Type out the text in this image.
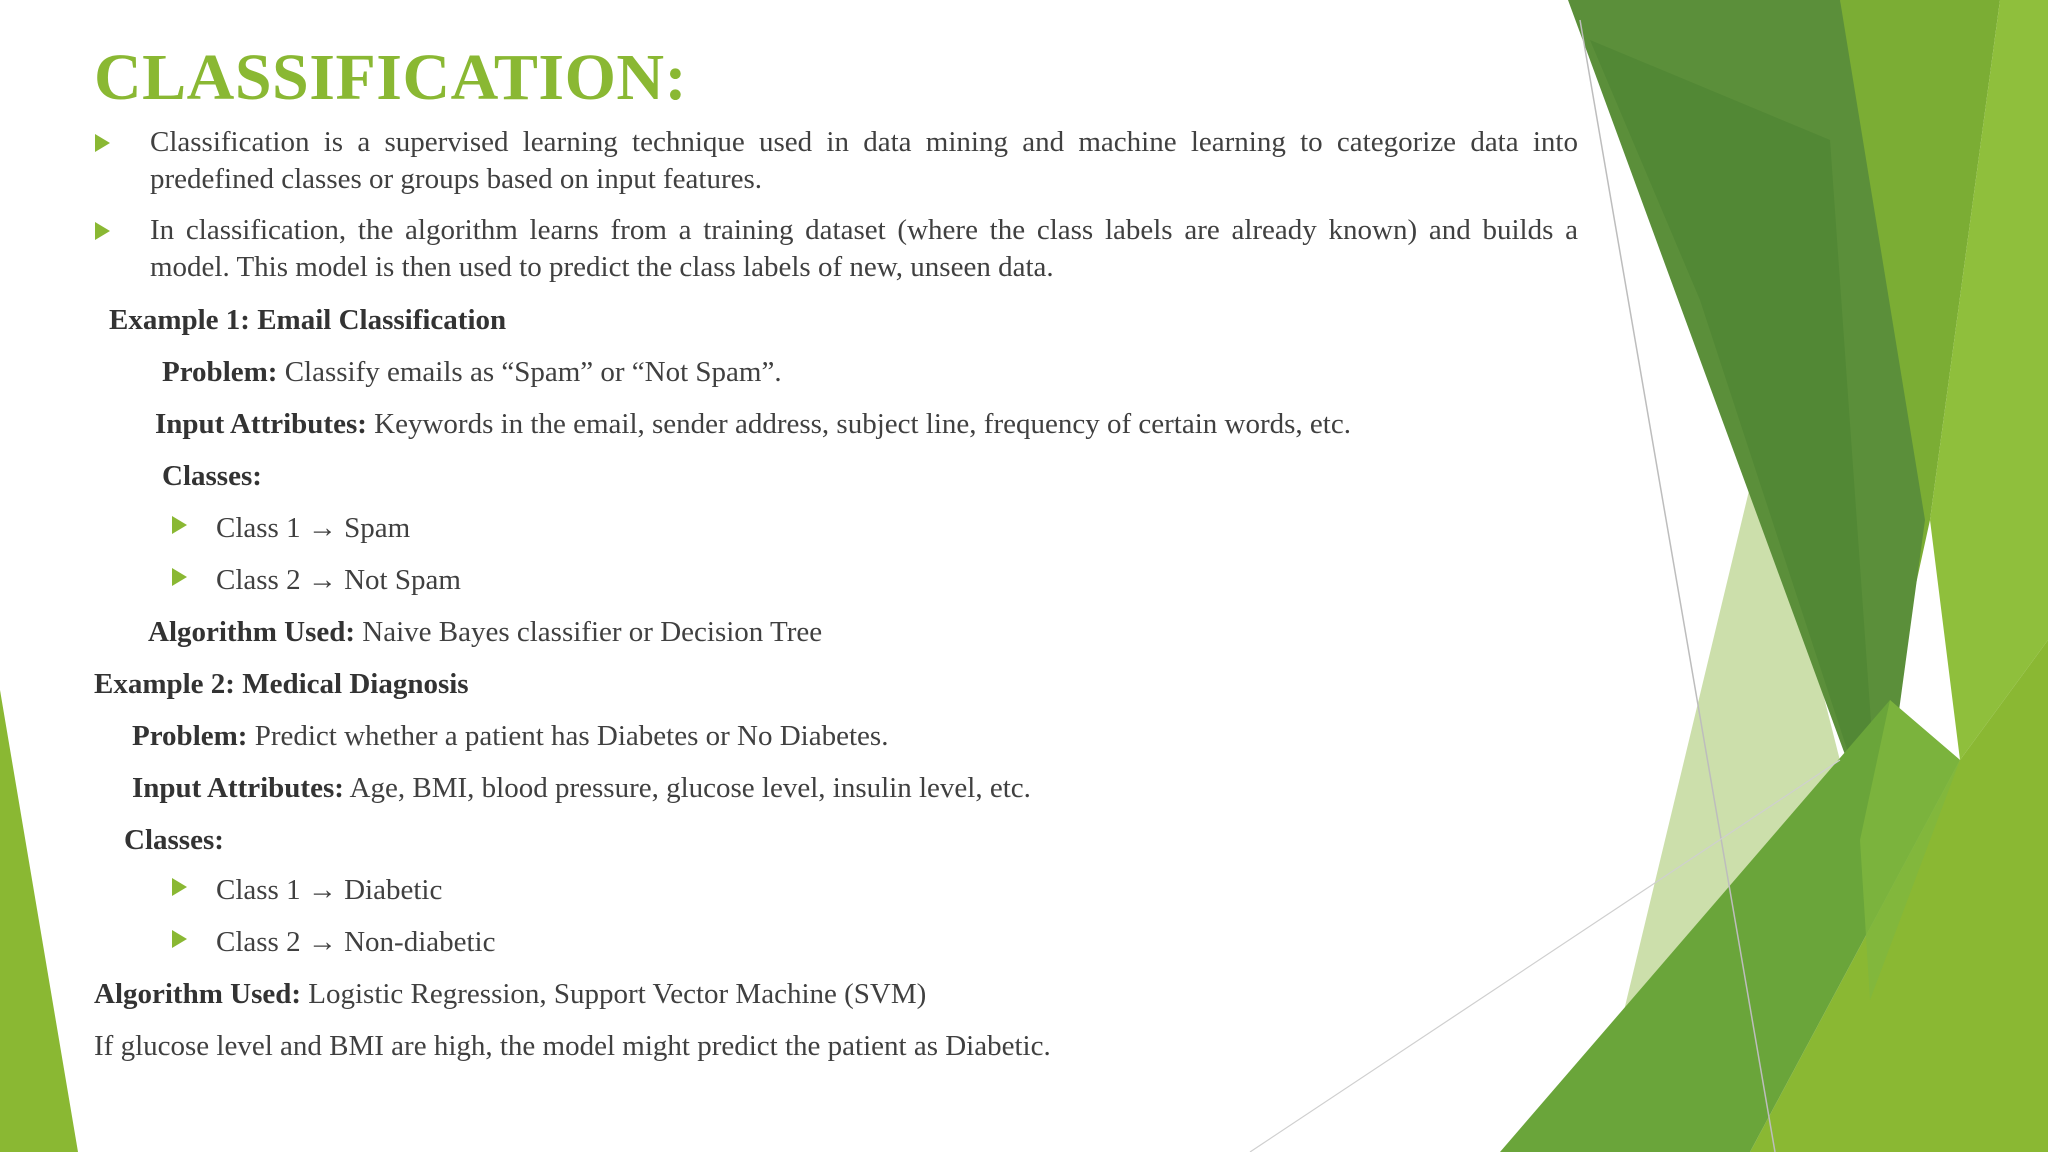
CLASSIFICATION:
Classification is a supervised learning technique used in data mining and machine learning to categorize data into predefined classes or groups based on input features.
In classification, the algorithm learns from a training dataset (where the class labels are already known) and builds a model. This model is then used to predict the class labels of new, unseen data.
Example 1: Email Classification
Problem: Classify emails as “Spam” or “Not Spam”.
Input Attributes: Keywords in the email, sender address, subject line, frequency of certain words, etc.
Classes:
Class 1 → Spam
Class 2 → Not Spam
Algorithm Used: Naive Bayes classifier or Decision Tree
Example 2: Medical Diagnosis
Problem: Predict whether a patient has Diabetes or No Diabetes.
Input Attributes: Age, BMI, blood pressure, glucose level, insulin level, etc.
Classes:
Class 1 → Diabetic
Class 2 → Non-diabetic
Algorithm Used: Logistic Regression, Support Vector Machine (SVM)
If glucose level and BMI are high, the model might predict the patient as Diabetic.
